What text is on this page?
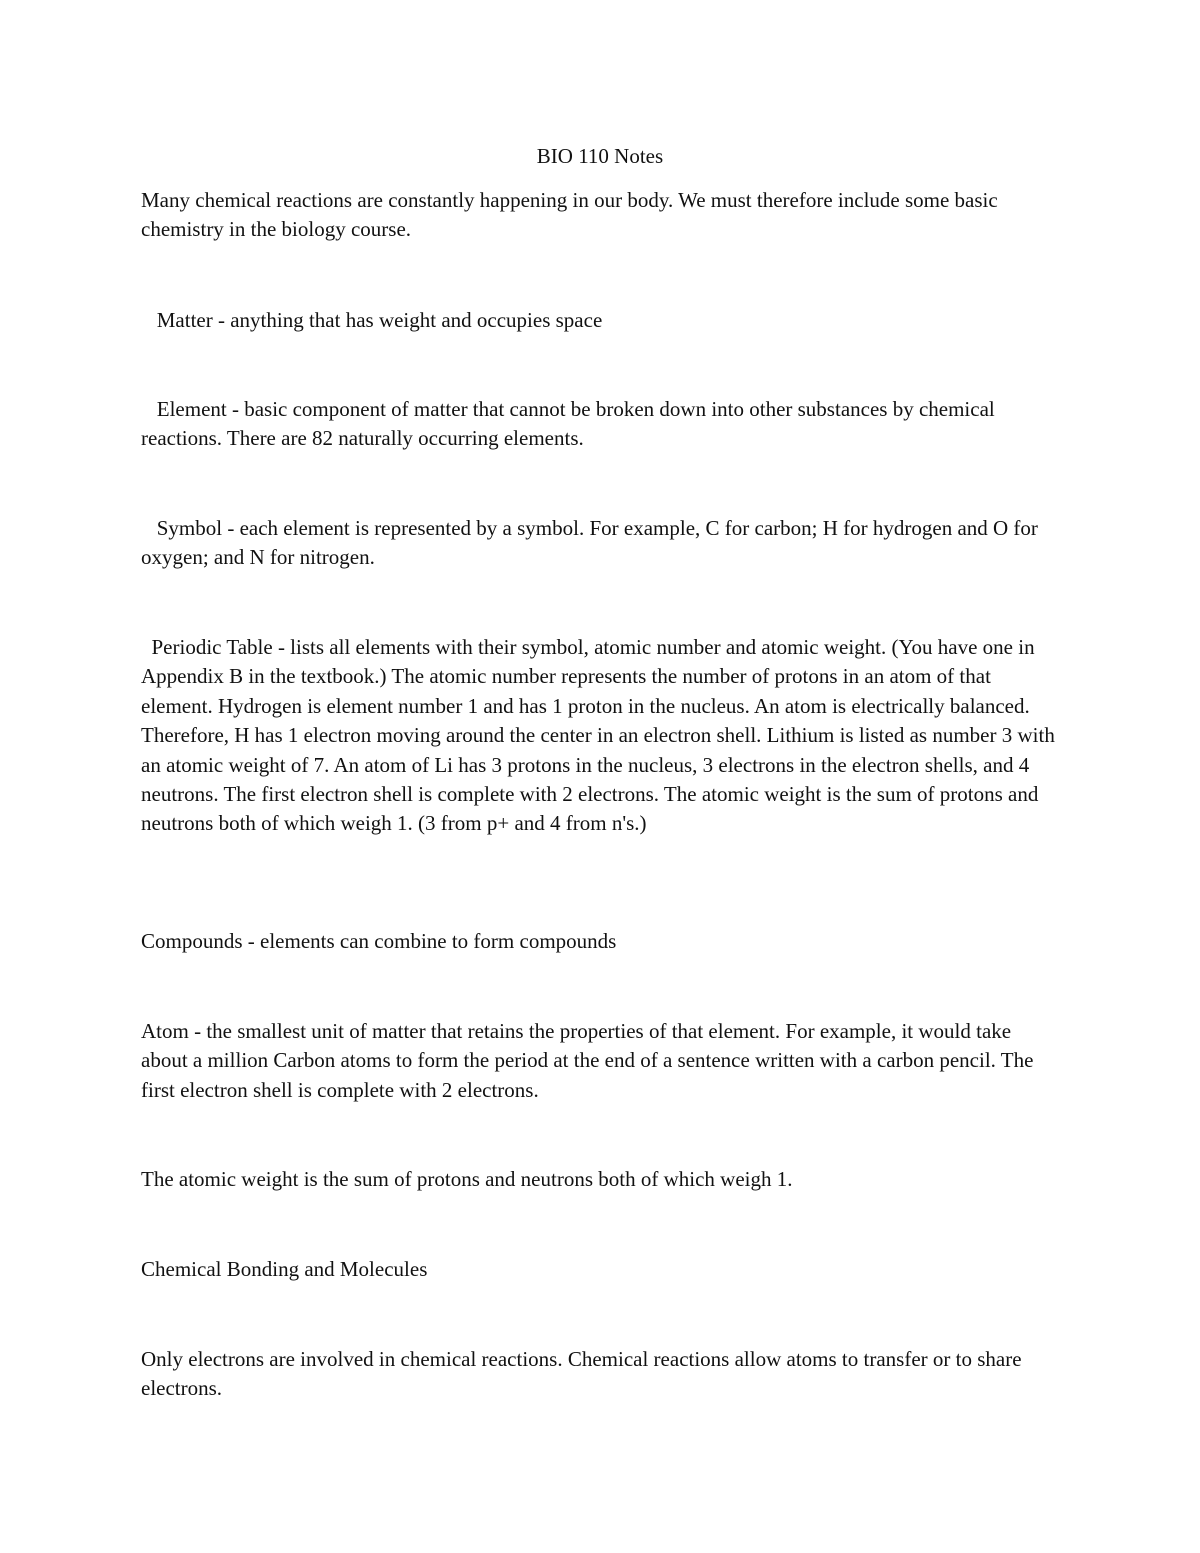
BIO 110 Notes

Many chemical reactions are constantly happening in our body. We must therefore include some basic chemistry in the biology course.

Matter - anything that has weight and occupies space

Element - basic component of matter that cannot be broken down into other substances by chemical reactions. There are 82 naturally occurring elements.

Symbol - each element is represented by a symbol. For example, C for carbon; H for hydrogen and O for oxygen; and N for nitrogen.

Periodic Table - lists all elements with their symbol, atomic number and atomic weight. (You have one in Appendix B in the textbook.) The atomic number represents the number of protons in an atom of that element. Hydrogen is element number 1 and has 1 proton in the nucleus. An atom is electrically balanced.  Therefore, H has 1 electron moving around the center in an electron shell. Lithium is listed as number 3 with an atomic weight of 7. An atom of Li has 3 protons in the nucleus, 3 electrons in the electron shells, and 4 neutrons. The first electron shell is complete with 2 electrons. The atomic weight is the sum of protons and neutrons both of which weigh 1. (3 from p+ and 4 from n's.)

Compounds - elements can combine to form compounds

Atom - the smallest unit of matter that retains the properties of that element. For example, it would take about a million Carbon atoms to form the period at the end of a sentence written with a carbon pencil. The first electron shell is complete with 2 electrons.

The atomic weight is the sum of protons and neutrons both of which weigh 1.

Chemical Bonding and Molecules

Only electrons are involved in chemical reactions. Chemical reactions allow atoms to transfer or to share electrons.
